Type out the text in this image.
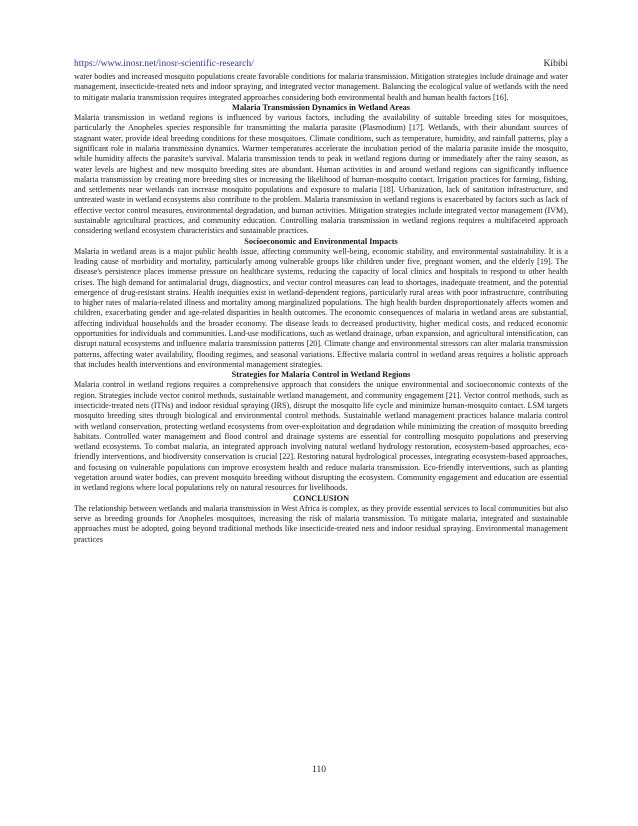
https://www.inosr.net/inosr-scientific-research/	Kibibi

water bodies and increased mosquito populations create favorable conditions for malaria transmission. Mitigation strategies include drainage and water management, insecticide-treated nets and indoor spraying, and integrated vector management. Balancing the ecological value of wetlands with the need to mitigate malaria transmission requires integrated approaches considering both environmental health and human health factors [16].

Malaria Transmission Dynamics in Wetland Areas

Malaria transmission in wetland regions is influenced by various factors, including the availability of suitable breeding sites for mosquitoes, particularly the Anopheles species responsible for transmitting the malaria parasite (Plasmodium) [17]. Wetlands, with their abundant sources of stagnant water, provide ideal breeding conditions for these mosquitoes. Climate conditions, such as temperature, humidity, and rainfall patterns, play a significant role in malaria transmission dynamics. Warmer temperatures accelerate the incubation period of the malaria parasite inside the mosquito, while humidity affects the parasite's survival. Malaria transmission tends to peak in wetland regions during or immediately after the rainy season, as water levels are highest and new mosquito breeding sites are abundant. Human activities in and around wetland regions can significantly influence malaria transmission by creating more breeding sites or increasing the likelihood of human-mosquito contact. Irrigation practices for farming, fishing, and settlements near wetlands can increase mosquito populations and exposure to malaria [18]. Urbanization, lack of sanitation infrastructure, and untreated waste in wetland ecosystems also contribute to the problem. Malaria transmission in wetland regions is exacerbated by factors such as lack of effective vector control measures, environmental degradation, and human activities. Mitigation strategies include integrated vector management (IVM), sustainable agricultural practices, and community education. Controlling malaria transmission in wetland regions requires a multifaceted approach considering wetland ecosystem characteristics and sustainable practices.

Socioeconomic and Environmental Impacts

Malaria in wetland areas is a major public health issue, affecting community well-being, economic stability, and environmental sustainability. It is a leading cause of morbidity and mortality, particularly among vulnerable groups like children under five, pregnant women, and the elderly [19]. The disease's persistence places immense pressure on healthcare systems, reducing the capacity of local clinics and hospitals to respond to other health crises. The high demand for antimalarial drugs, diagnostics, and vector control measures can lead to shortages, inadequate treatment, and the potential emergence of drug-resistant strains. Health inequities exist in wetland-dependent regions, particularly rural areas with poor infrastructure, contributing to higher rates of malaria-related illness and mortality among marginalized populations. The high health burden disproportionately affects women and children, exacerbating gender and age-related disparities in health outcomes. The economic consequences of malaria in wetland areas are substantial, affecting individual households and the broader economy. The disease leads to decreased productivity, higher medical costs, and reduced economic opportunities for individuals and communities. Land-use modifications, such as wetland drainage, urban expansion, and agricultural intensification, can disrupt natural ecosystems and influence malaria transmission patterns [20]. Climate change and environmental stressors can alter malaria transmission patterns, affecting water availability, flooding regimes, and seasonal variations. Effective malaria control in wetland areas requires a holistic approach that includes health interventions and environmental management strategies.

Strategies for Malaria Control in Wetland Regions

Malaria control in wetland regions requires a comprehensive approach that considers the unique environmental and socioeconomic contexts of the region. Strategies include vector control methods, sustainable wetland management, and community engagement [21]. Vector control methods, such as insecticide-treated nets (ITNs) and indoor residual spraying (IRS), disrupt the mosquito life cycle and minimize human-mosquito contact. LSM targets mosquito breeding sites through biological and environmental control methods. Sustainable wetland management practices balance malaria control with wetland conservation, protecting wetland ecosystems from over-exploitation and degradation while minimizing the creation of mosquito breeding habitats. Controlled water management and flood control and drainage systems are essential for controlling mosquito populations and preserving wetland ecosystems. To combat malaria, an integrated approach involving natural wetland hydrology restoration, ecosystem-based approaches, eco-friendly interventions, and biodiversity conservation is crucial [22]. Restoring natural hydrological processes, integrating ecosystem-based approaches, and focusing on vulnerable populations can improve ecosystem health and reduce malaria transmission. Eco-friendly interventions, such as planting vegetation around water bodies, can prevent mosquito breeding without disrupting the ecosystem. Community engagement and education are essential in wetland regions where local populations rely on natural resources for livelihoods.

CONCLUSION

The relationship between wetlands and malaria transmission in West Africa is complex, as they provide essential services to local communities but also serve as breeding grounds for Anopheles mosquitoes, increasing the risk of malaria transmission. To mitigate malaria, integrated and sustainable approaches must be adopted, going beyond traditional methods like insecticide-treated nets and indoor residual spraying. Environmental management practices

110
